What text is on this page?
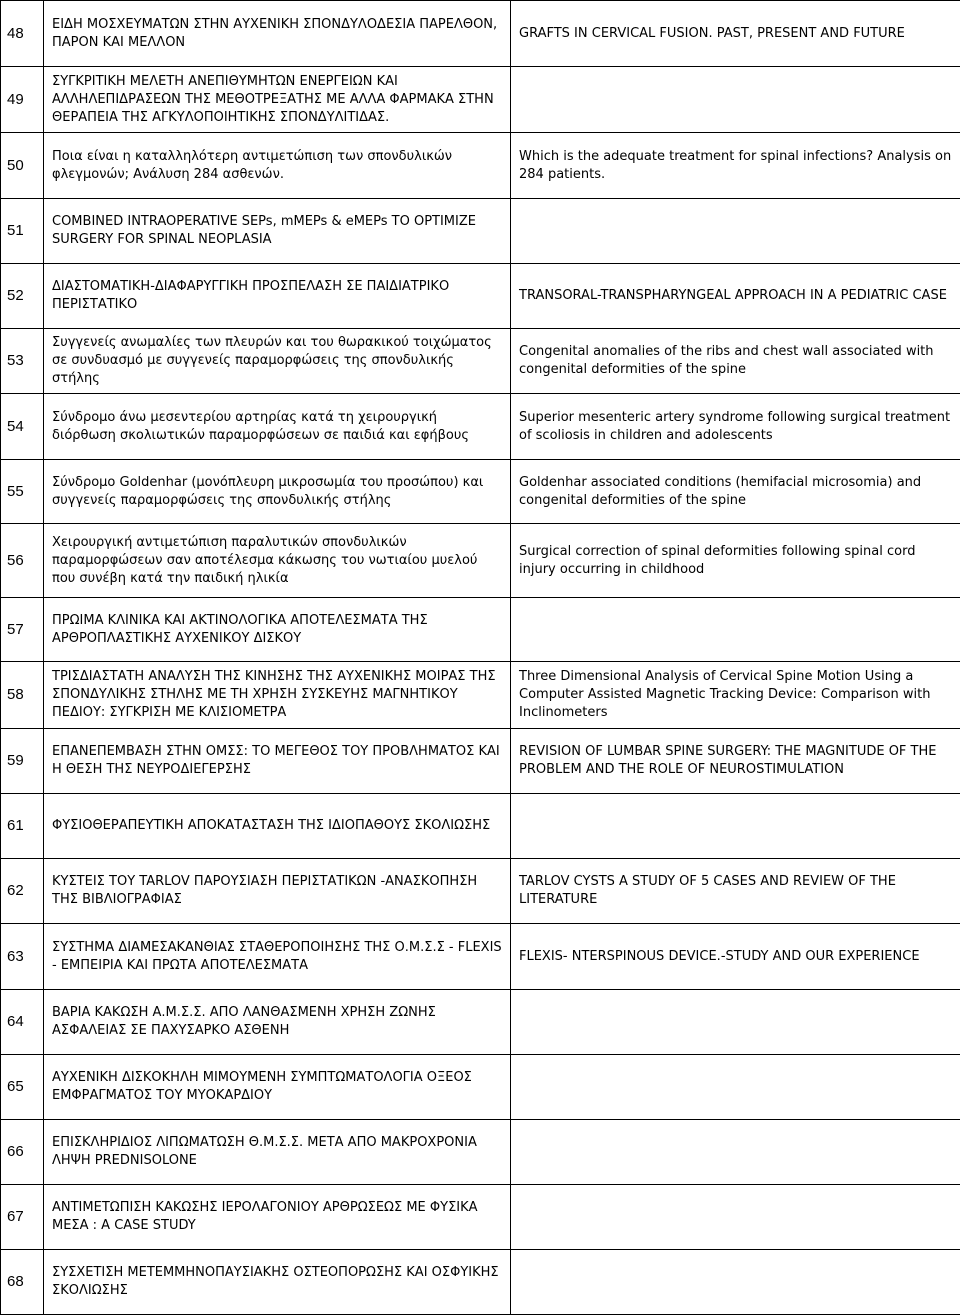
48	ΕΙΔΗ ΜΟΣΧΕΥΜΑΤΩΝ ΣΤΗΝ ΑΥΧΕΝΙΚΗ ΣΠΟΝΔΥΛΟΔΕΣΙΑ ΠΑΡΕΛΘΟΝ, ΠΑΡΟΝ ΚΑΙ ΜΕΛΛΟΝ	GRAFTS IN CERVICAL FUSION. PAST, PRESENT AND FUTURE
49	ΣΥΓΚΡΙΤΙΚΗ ΜΕΛΕΤΗ ΑΝΕΠΙΘΥΜΗΤΩΝ ΕΝΕΡΓΕΙΩΝ ΚΑΙ ΑΛΛΗΛΕΠΙΔΡΑΣΕΩΝ ΤΗΣ ΜΕΘΟΤΡΕΞΑΤΗΣ ΜΕ ΑΛΛΑ ΦΑΡΜΑΚΑ ΣΤΗΝ ΘΕΡΑΠΕΙΑ ΤΗΣ ΑΓΚΥΛΟΠΟΙΗΤΙΚΗΣ ΣΠΟΝΔΥΛΙΤΙΔΑΣ.	
50	Ποια είναι η καταλληλότερη αντιμετώπιση των σπονδυλικών φλεγμονών; Ανάλυση 284 ασθενών.	Which is the adequate treatment for spinal infections? Analysis on 284 patients.
51	COMBINED INTRAOPERATIVE SEPs, mMEPs & eMEPs TO OPTIMIZE SURGERY FOR SPINAL NEOPLASIA	
52	ΔΙΑΣΤΟΜΑΤΙΚΗ-ΔΙΑΦΑΡΥΓΓΙΚΗ ΠΡΟΣΠΕΛΑΣΗ ΣΕ ΠΑΙΔΙΑΤΡΙΚΟ ΠΕΡΙΣΤΑΤΙΚΟ	TRANSORAL-TRANSPHARYNGEAL APPROACH IN A PEDIATRIC CASE
53	Συγγενείς ανωμαλίες των πλευρών και του θωρακικού τοιχώματος σε συνδυασμό με συγγενείς παραμορφώσεις της σπονδυλικής στήλης	Congenital anomalies of the ribs and chest wall associated with congenital deformities of the spine
54	Σύνδρομο άνω μεσεντερίου αρτηρίας κατά τη χειρουργική διόρθωση σκολιωτικών παραμορφώσεων σε παιδιά και εφήβους	Superior mesenteric artery syndrome following surgical treatment of scoliosis in children and adolescents
55	Σύνδρομο Goldenhar (μονόπλευρη μικροσωμία του προσώπου) και συγγενείς παραμορφώσεις της σπονδυλικής στήλης	Goldenhar associated conditions (hemifacial microsomia) and congenital deformities of the spine
56	Χειρουργική αντιμετώπιση παραλυτικών σπονδυλικών παραμορφώσεων σαν αποτέλεσμα κάκωσης του νωτιαίου μυελού που συνέβη κατά την παιδική ηλικία	Surgical correction of spinal deformities following spinal cord injury occurring in childhood
57	ΠΡΩΙΜΑ ΚΛΙΝΙΚΑ ΚΑΙ ΑΚΤΙΝΟΛΟΓΙΚΑ ΑΠΟΤΕΛΕΣΜΑΤΑ ΤΗΣ ΑΡΘΡΟΠΛΑΣΤΙΚΗΣ ΑΥΧΕΝΙΚΟΥ ΔΙΣΚΟΥ	
58	ΤΡΙΣΔΙΑΣΤΑΤΗ ΑΝΑΛΥΣΗ ΤΗΣ ΚΙΝΗΣΗΣ ΤΗΣ ΑΥΧΕΝΙΚΗΣ ΜΟΙΡΑΣ ΤΗΣ ΣΠΟΝΔΥΛΙΚΗΣ ΣΤΗΛΗΣ ΜΕ ΤΗ ΧΡΗΣΗ ΣΥΣΚΕΥΗΣ ΜΑΓΝΗΤΙΚΟΥ ΠΕΔΙΟΥ: ΣΥΓΚΡΙΣΗ ΜΕ ΚΛΙΣΙΟΜΕΤΡΑ	Three Dimensional Analysis of Cervical Spine Motion Using a Computer Assisted Magnetic Tracking Device: Comparison with Inclinometers
59	ΕΠΑΝΕΠΕΜΒΑΣΗ ΣΤΗΝ ΟΜΣΣ: ΤΟ ΜΕΓΕΘΟΣ ΤΟΥ ΠΡΟΒΛΗΜΑΤΟΣ ΚΑΙ Η ΘΕΣΗ ΤΗΣ ΝΕΥΡΟΔΙΕΓΕΡΣΗΣ	REVISION OF LUMBAR SPINE SURGERY: THE MAGNITUDE OF THE PROBLEM AND THE ROLE OF NEUROSTIMULATION
61	ΦΥΣΙΟΘΕΡΑΠΕΥΤΙΚΗ ΑΠΟΚΑΤΑΣΤΑΣΗ ΤΗΣ ΙΔΙΟΠΑΘΟΥΣ ΣΚΟΛΙΩΣΗΣ	
62	ΚΥΣΤΕΙΣ ΤΟΥ TARLOV ΠΑΡΟΥΣΙΑΣΗ ΠΕΡΙΣΤΑΤΙΚΩΝ -ΑΝΑΣΚΟΠΗΣΗ ΤΗΣ ΒΙΒΛΙΟΓΡΑΦΙΑΣ	TARLOV CYSTS A STUDY OF 5 CASES AND REVIEW OF THE LITERATURE
63	ΣΥΣΤΗΜΑ ΔΙΑΜΕΣΑΚΑΝΘΙΑΣ ΣΤΑΘΕΡΟΠΟΙΗΣΗΣ ΤΗΣ Ο.Μ.Σ.Σ - FLEXIS - ΕΜΠΕΙΡΙΑ ΚΑΙ ΠΡΩΤΑ ΑΠΟΤΕΛΕΣΜΑΤΑ	FLEXIS- NTERSPINOUS DEVICE.-STUDY AND OUR EXPERIENCE
64	ΒΑΡΙΑ ΚΑΚΩΣΗ Α.Μ.Σ.Σ. ΑΠΟ ΛΑΝΘΑΣΜΕΝΗ ΧΡΗΣΗ ΖΩΝΗΣ ΑΣΦΑΛΕΙΑΣ ΣΕ ΠΑΧΥΣΑΡΚΟ ΑΣΘΕΝΗ	
65	ΑΥΧΕΝΙΚΗ ΔΙΣΚΟΚΗΛΗ ΜΙΜΟΥΜΕΝΗ ΣΥΜΠΤΩΜΑΤΟΛΟΓΙΑ ΟΞΕΟΣ ΕΜΦΡΑΓΜΑΤΟΣ ΤΟΥ ΜΥΟΚΑΡΔΙΟΥ	
66	ΕΠΙΣΚΛΗΡΙΔΙΟΣ ΛΙΠΩΜΑΤΩΣΗ Θ.Μ.Σ.Σ. ΜΕΤΑ ΑΠΟ ΜΑΚΡΟΧΡΟΝΙΑ ΛΗΨΗ PREDNISOLONE	
67	ΑΝΤΙΜΕΤΩΠΙΣΗ ΚΑΚΩΣΗΣ ΙΕΡΟΛΑΓΟΝΙΟΥ ΑΡΘΡΩΣΕΩΣ ΜΕ ΦΥΣΙΚΑ ΜΕΣΑ : A CASE STUDY	
68	ΣΥΣΧΕΤΙΣΗ ΜΕΤΕΜΜΗΝΟΠΑΥΣΙΑΚΗΣ ΟΣΤΕΟΠΟΡΩΣΗΣ ΚΑΙ ΟΣΦΥΙΚΗΣ ΣΚΟΛΙΩΣΗΣ	
